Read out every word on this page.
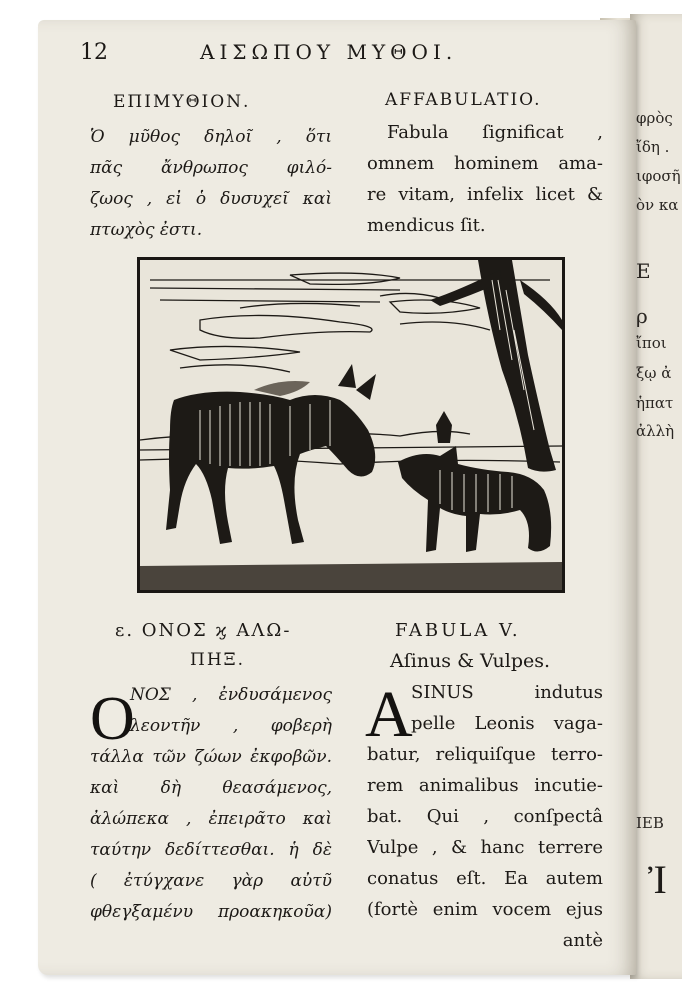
φρὸς
ἴδη .
ιφοσῆ
ὸν κα
Ε
ρ
ἴποι
ξῳ ἀ
ἡπατ
ἀλλὴ
ΙΕΒ
Ἰ
12	ΑΙΣΩΠΟΥ ΜΥΘΟΙ.
ΕΠΙΜΥΘΙΟΝ.	AFFABULATIO.
Ὁ μῦθος δηλοῖ , ὅτι
πᾶς ἄνθρωπος φιλό-
ζωος , εἰ ὁ δυσυχεῖ καὶ
πτωχὸς ἐστι.
Fabula ſignificat ,
omnem hominem ama-
re vitam, infelix licet &
mendicus ſit.
ε. ΟΝΟΣ ϗ ΑΛΩ-
ΠΗΞ.
FABULA V.
Aſinus & Vulpes.
O
ΝΟΣ , ἐνδυσάμενος
λεοντῆν , φοβερὴ
τάλλα τῶν ζώων ἐκφοβῶν.
καὶ δὴ θεασάμενος,
ἀλώπεκα , ἐπειρᾶτο καὶ
ταύτην δεδίττεσθαι. ἡ δὲ
( ἐτύγχανε γὰρ αὐτῦ
φθεγξαμένυ προακηκοῦα)
A
SINUS indutus
pelle Leonis vaga-
batur, reliquiſque terro-
rem animalibus incutie-
bat. Qui , conſpectâ
Vulpe , & hanc terrere
conatus eſt. Ea autem
(fortè enim vocem ejus
antè
